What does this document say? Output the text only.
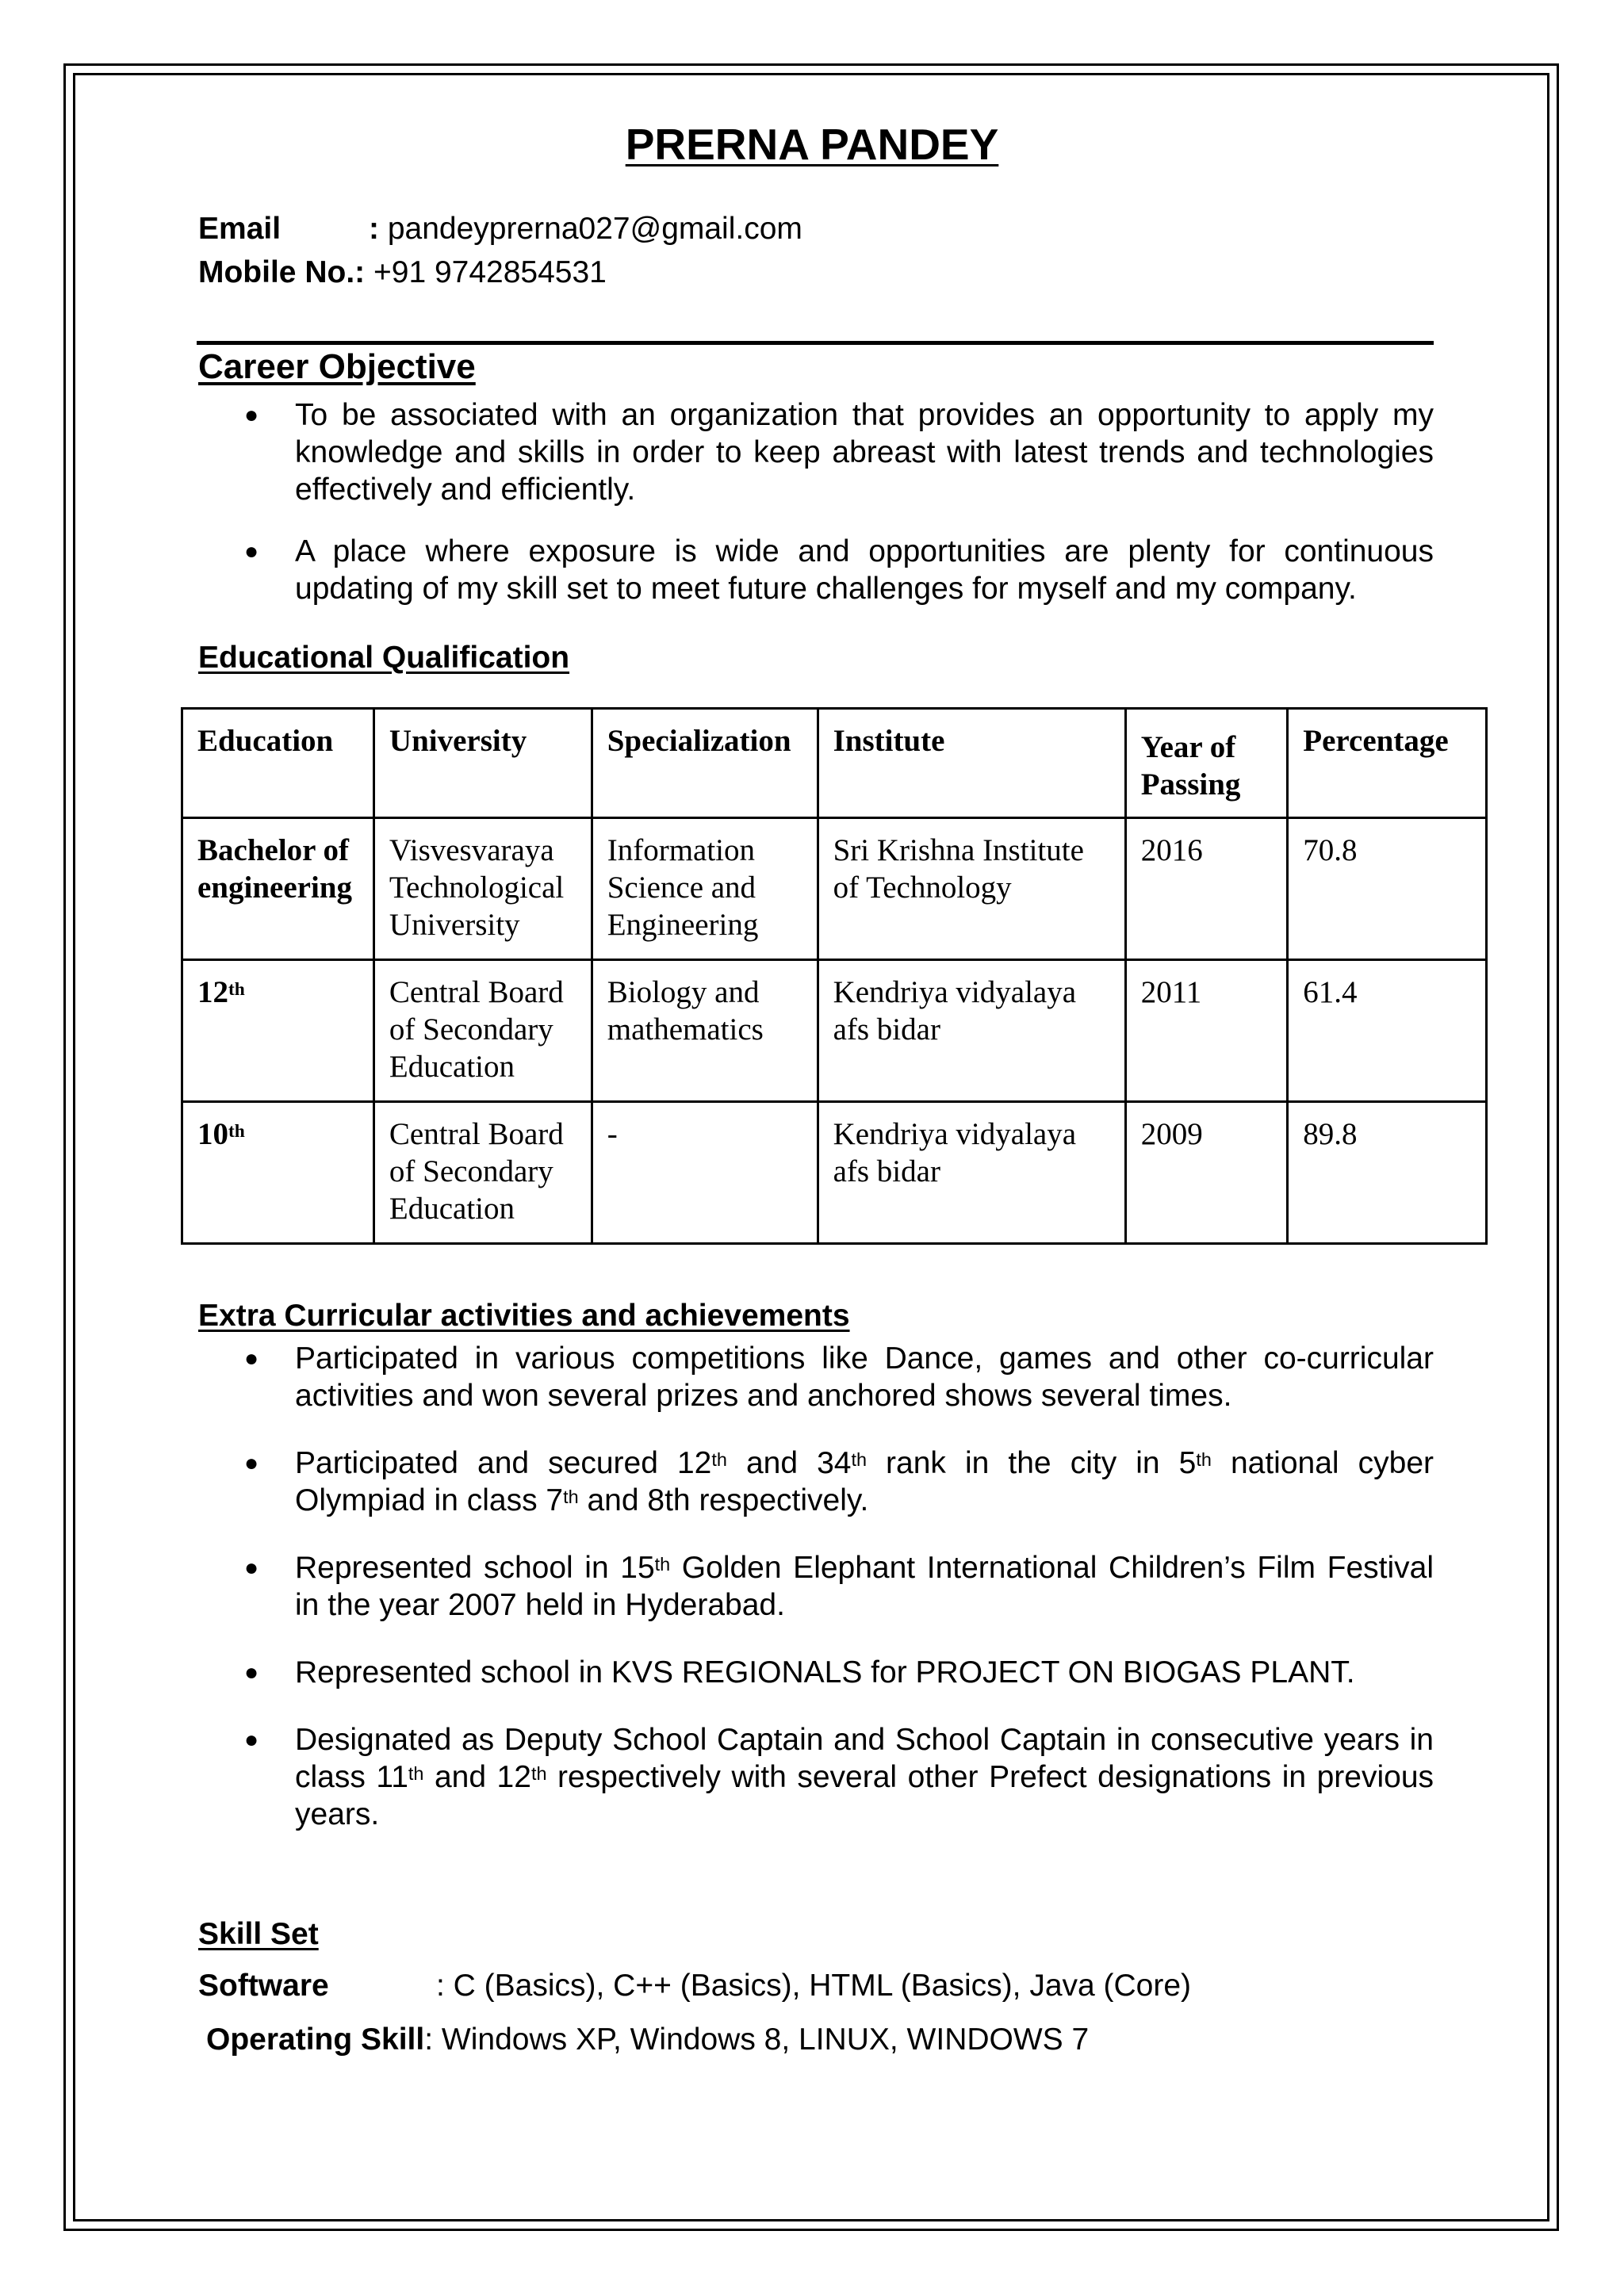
PRERNA PANDEY
Email	: pandeyprerna027@gmail.com
Mobile No.: +91 9742854531
Career Objective
● To be associated with an organization that provides an opportunity to apply my knowledge and skills in order to keep abreast with latest trends and technologies effectively and efficiently.
● A place where exposure is wide and opportunities are plenty for continuous updating of my skill set to meet future challenges for myself and my company.
Educational Qualification
Education	University	Specialization	Institute	Year of Passing	Percentage
Bachelor of engineering	Visvesvaraya Technological University	Information Science and Engineering	Sri Krishna Institute of Technology	2016	70.8
12th	Central Board of Secondary Education	Biology and mathematics	Kendriya vidyalaya afs bidar	2011	61.4
10th	Central Board of Secondary Education	-	Kendriya vidyalaya afs bidar	2009	89.8
Extra Curricular activities and achievements
● Participated in various competitions like Dance, games and other co-curricular activities and won several prizes and anchored shows several times.
● Participated and secured 12th and 34th rank in the city in 5th national cyber Olympiad in class 7th and 8th respectively.
● Represented school in 15th Golden Elephant International Children’s Film Festival in the year 2007 held in Hyderabad.
● Represented school in KVS REGIONALS for PROJECT ON BIOGAS PLANT.
● Designated as Deputy School Captain and School Captain in consecutive years in class 11th and 12th respectively with several other Prefect designations in previous years.
Skill Set
Software	: C (Basics), C++ (Basics), HTML (Basics), Java (Core)
Operating Skill: Windows XP, Windows 8, LINUX, WINDOWS 7
